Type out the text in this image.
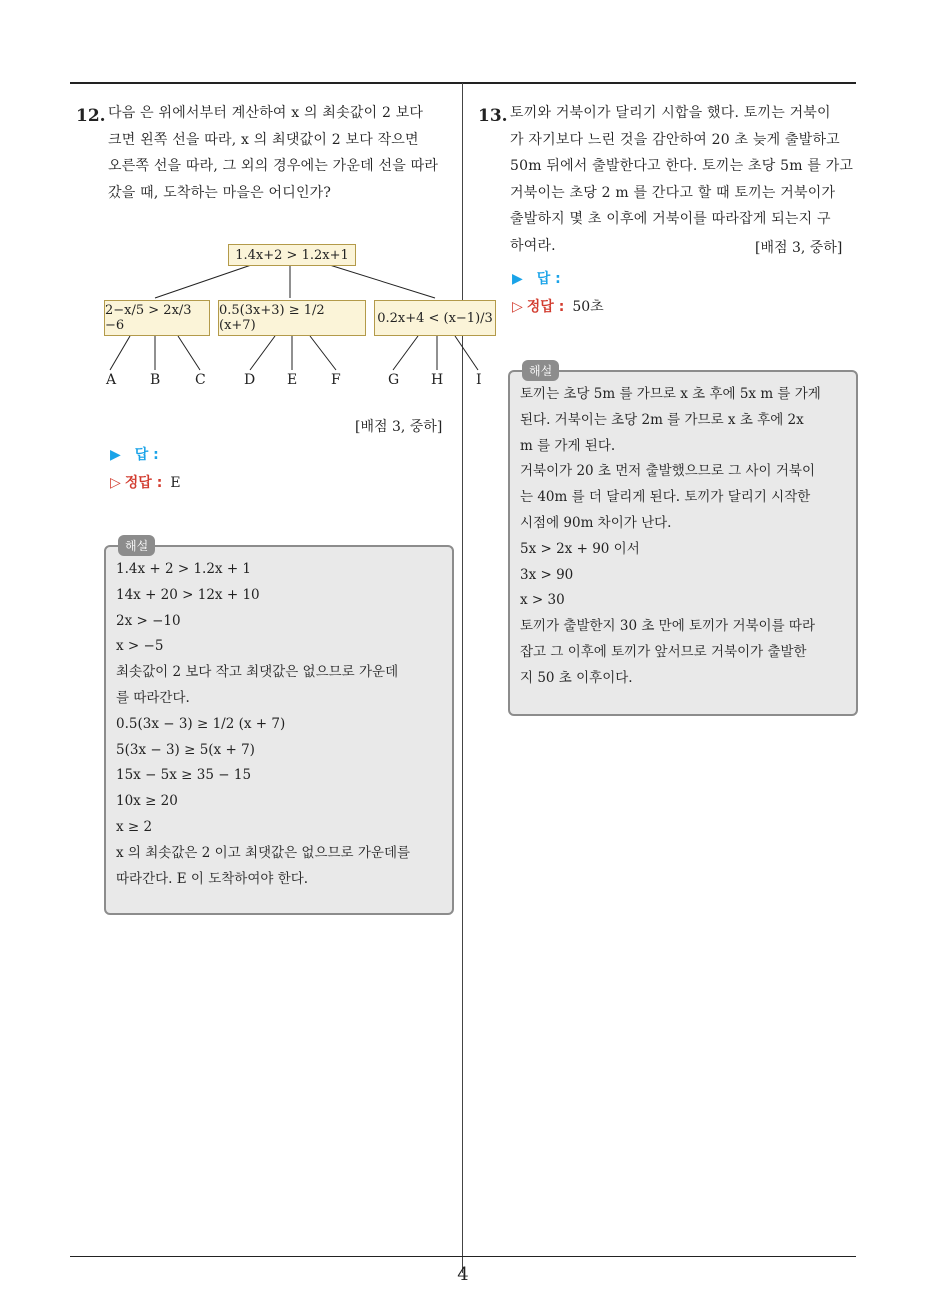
12. 다음 은 위에서부터 계산하여 x 의 최솟값이 2 보다

크면 왼쪽 선을 따라, x 의 최댓값이 2 보다 작으면

오른쪽 선을 따라, 그 외의 경우에는 가운데 선을 따라

갔을 때, 도착하는 마을은 어디인가?

1.4x+2 > 1.2x+1
2−x/5 > 2x/3 −6
0.5(3x+3) ≥ 1/2 (x+7)	0.2x+4 < (x−1)/3
A B C	D E F	G H I
[배점 3, 중하]
▶ 답 :
▷ 정답 : E
해설
1.4x + 2 > 1.2x + 1
14x + 20 > 12x + 10
2x > −10
x > −5
최솟값이 2 보다 작고 최댓값은 없으므로 가운데
를 따라간다.
0.5(3x − 3) ≥ 1/2 (x + 7)
5(3x − 3) ≥ 5(x + 7)
15x − 5x ≥ 35 − 15
10x ≥ 20
x ≥ 2
x 의 최솟값은 2 이고 최댓값은 없으므로 가운데를
따라간다. E 이 도착하여야 한다.
13. 토끼와 거북이가 달리기 시합을 했다. 토끼는 거북이

가 자기보다 느린 것을 감안하여 20 초 늦게 출발하고

50m 뒤에서 출발한다고 한다. 토끼는 초당 5m 를 가고

거북이는 초당 2 m 를 간다고 할 때 토끼는 거북이가

출발하지 몇 초 이후에 거북이를 따라잡게 되는지 구

하여라.	[배점 3, 중하]
▶ 답 :
▷ 정답 : 50초
해설
토끼는 초당 5m 를 가므로 x 초 후에 5x m 를 가게
된다. 거북이는 초당 2m 를 가므로 x 초 후에 2x
m 를 가게 된다.
거북이가 20 초 먼저 출발했으므로 그 사이 거북이
는 40m 를 더 달리게 된다. 토끼가 달리기 시작한
시점에 90m 차이가 난다.
5x > 2x + 90 이서
3x > 90
x > 30
토끼가 출발한지 30 초 만에 토끼가 거북이를 따라
잡고 그 이후에 토끼가 앞서므로 거북이가 출발한
지 50 초 이후이다.
4
